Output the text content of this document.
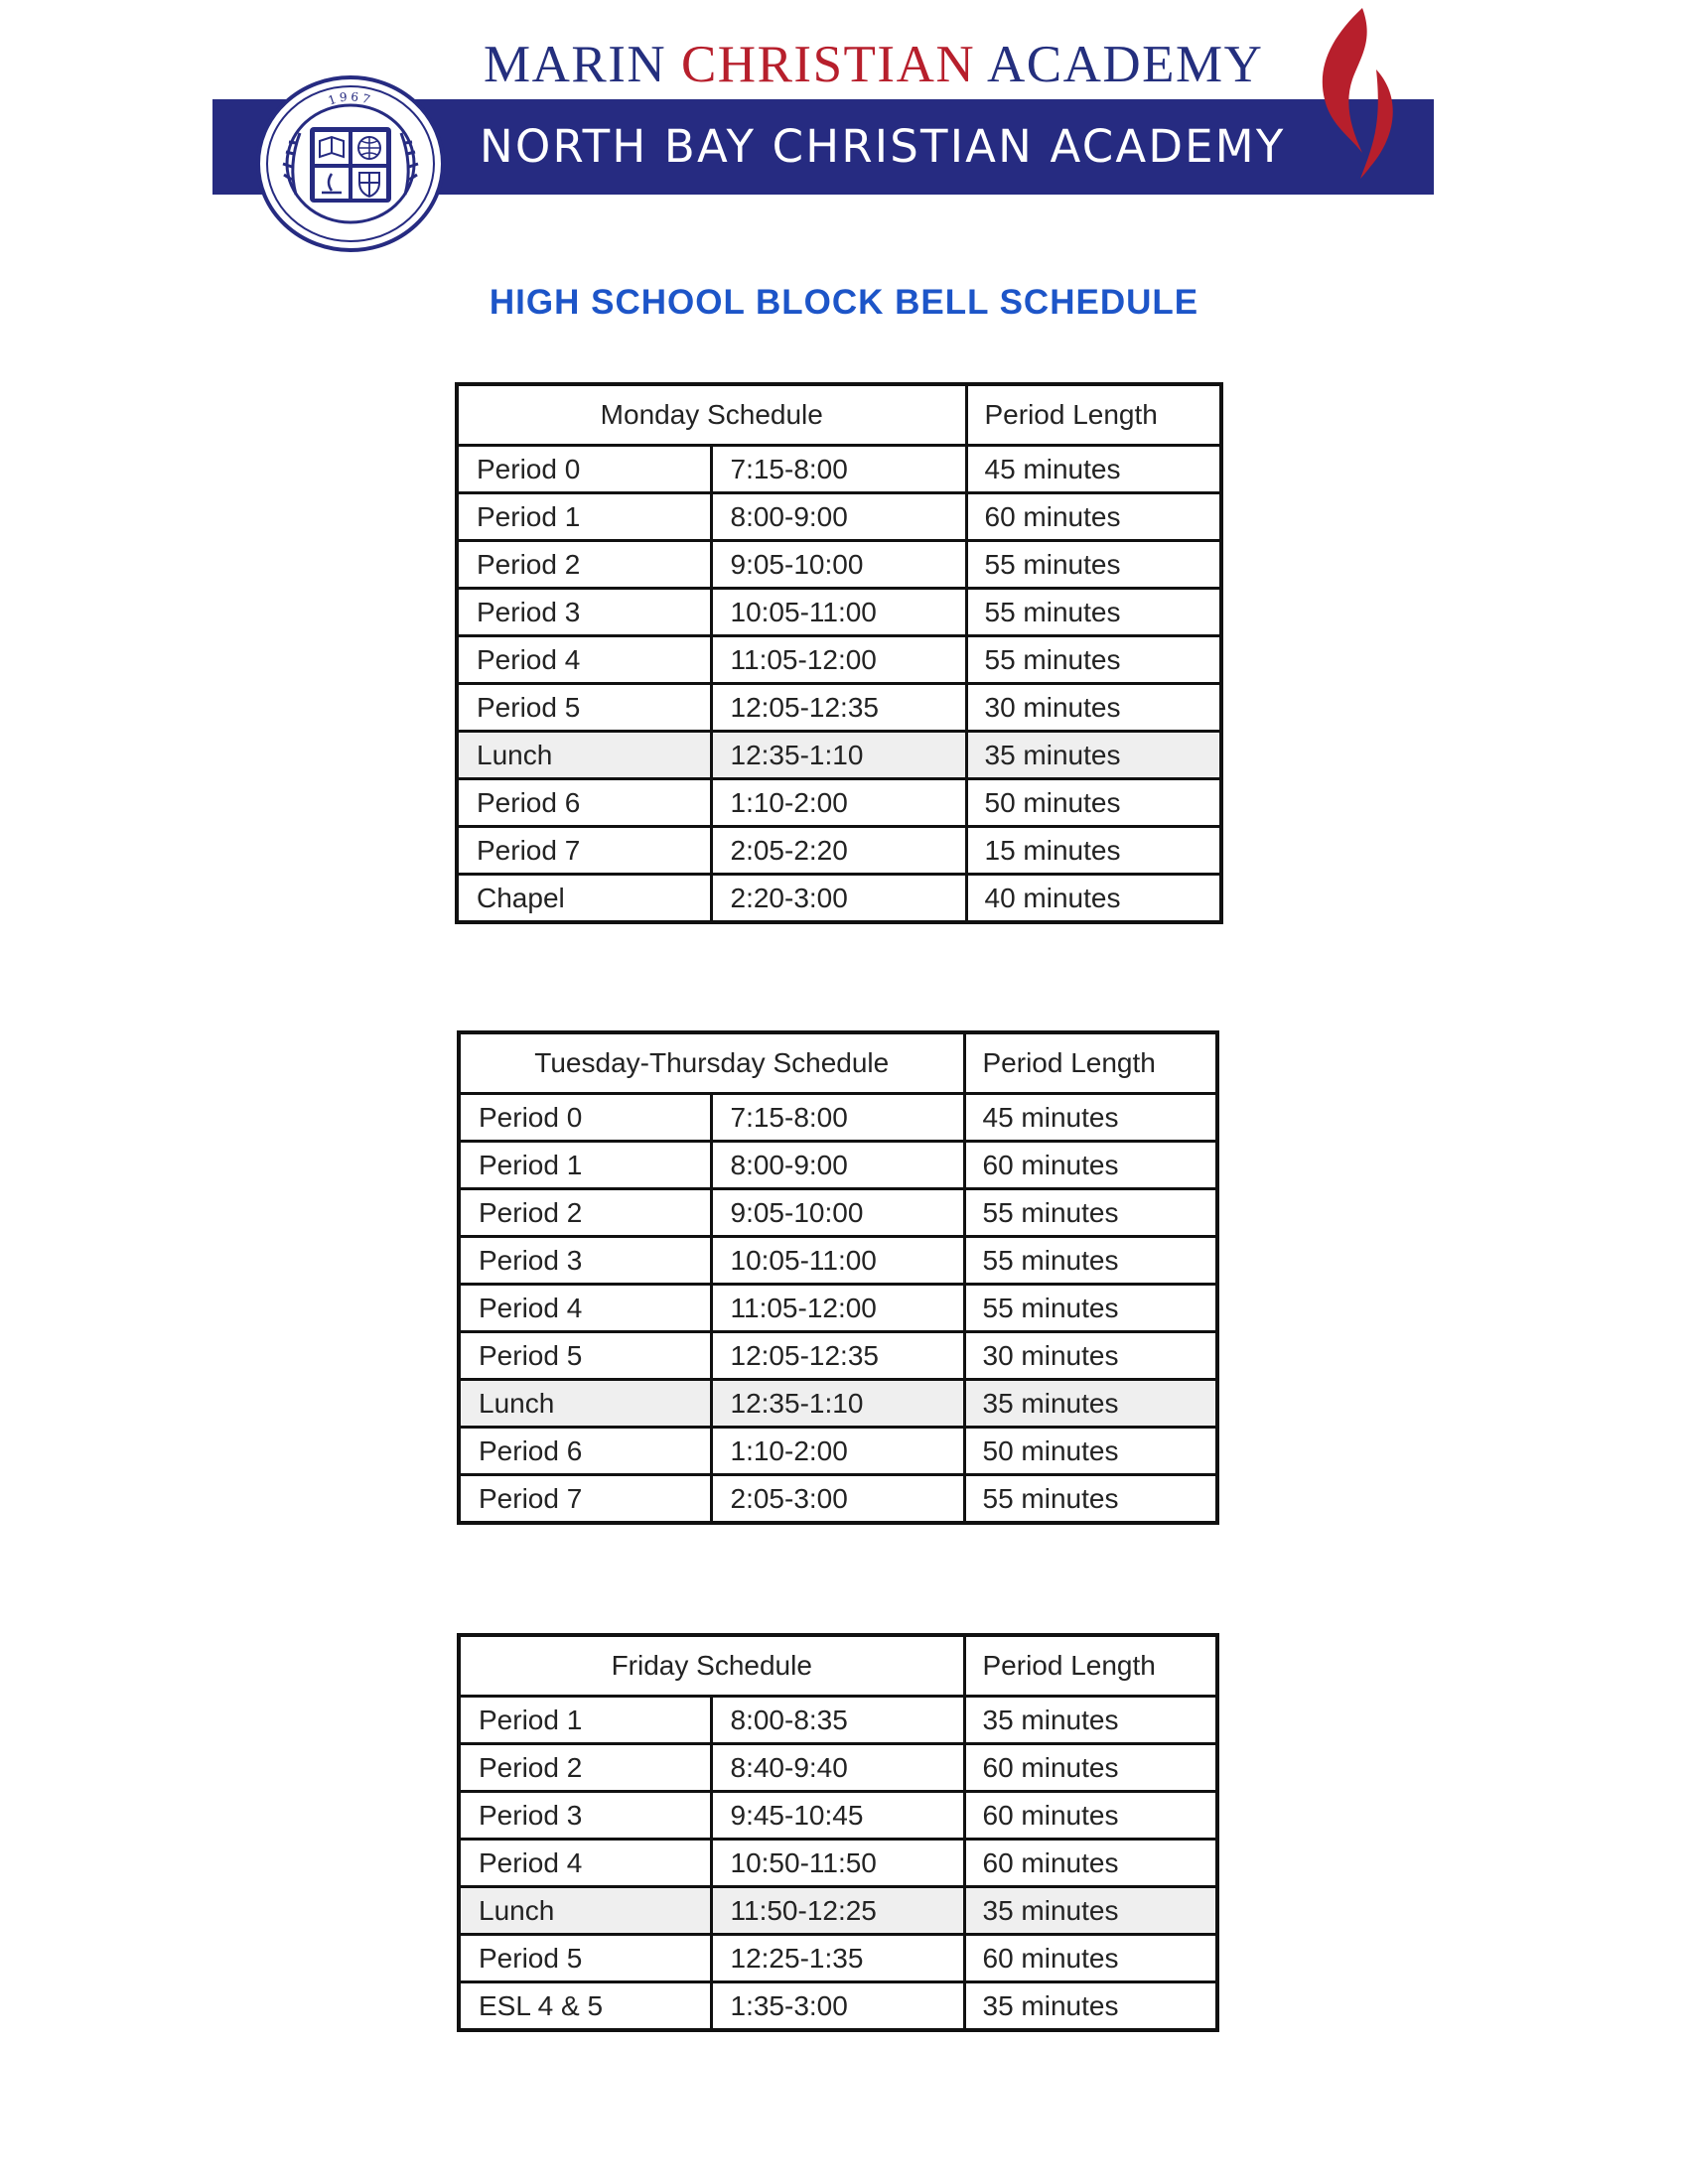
MARIN CHRISTIAN ACADEMY
NORTH BAY CHRISTIAN ACADEMY
1967
HIGH SCHOOL BLOCK BELL SCHEDULE
Monday Schedule		Period Length
Period 0	7:15-8:00	45 minutes
Period 1	8:00-9:00	60 minutes
Period 2	9:05-10:00	55 minutes
Period 3	10:05-11:00	55 minutes
Period 4	11:05-12:00	55 minutes
Period 5	12:05-12:35	30 minutes
Lunch	12:35-1:10	35 minutes
Period 6	1:10-2:00	50 minutes
Period 7	2:05-2:20	15 minutes
Chapel	2:20-3:00	40 minutes
Tuesday-Thursday Schedule		Period Length
Period 0	7:15-8:00	45 minutes
Period 1	8:00-9:00	60 minutes
Period 2	9:05-10:00	55 minutes
Period 3	10:05-11:00	55 minutes
Period 4	11:05-12:00	55 minutes
Period 5	12:05-12:35	30 minutes
Lunch	12:35-1:10	35 minutes
Period 6	1:10-2:00	50 minutes
Period 7	2:05-3:00	55 minutes
Friday Schedule		Period Length
Period 1	8:00-8:35	35 minutes
Period 2	8:40-9:40	60 minutes
Period 3	9:45-10:45	60 minutes
Period 4	10:50-11:50	60 minutes
Lunch	11:50-12:25	35 minutes
Period 5	12:25-1:35	60 minutes
ESL 4 & 5	1:35-3:00	35 minutes
